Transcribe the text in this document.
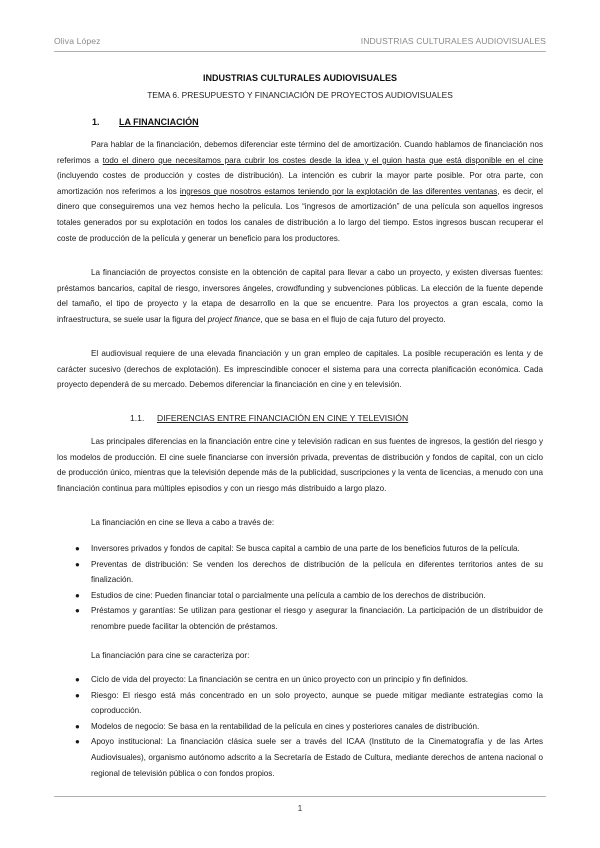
Oliva López	INDUSTRIAS CULTURALES AUDIOVISUALES
INDUSTRIAS CULTURALES AUDIOVISUALES
TEMA 6. PRESUPUESTO Y FINANCIACIÓN DE PROYECTOS AUDIOVISUALES
1. LA FINANCIACIÓN

Para hablar de la financiación, debemos diferenciar este término del de amortización. Cuando hablamos de financiación nos referimos a todo el dinero que necesitamos para cubrir los costes desde la idea y el guion hasta que está disponible en el cine (incluyendo costes de producción y costes de distribución). La intención es cubrir la mayor parte posible. Por otra parte, con amortización nos referimos a los ingresos que nosotros estamos teniendo por la explotación de las diferentes ventanas, es decir, el dinero que conseguiremos una vez hemos hecho la película. Los “ingresos de amortización” de una película son aquellos ingresos totales generados por su explotación en todos los canales de distribución a lo largo del tiempo. Estos ingresos buscan recuperar el coste de producción de la película y generar un beneficio para los productores.

La financiación de proyectos consiste en la obtención de capital para llevar a cabo un proyecto, y existen diversas fuentes: préstamos bancarios, capital de riesgo, inversores ángeles, crowdfunding y subvenciones públicas. La elección de la fuente depende del tamaño, el tipo de proyecto y la etapa de desarrollo en la que se encuentre. Para los proyectos a gran escala, como la infraestructura, se suele usar la figura del project finance, que se basa en el flujo de caja futuro del proyecto.

El audiovisual requiere de una elevada financiación y un gran empleo de capitales. La posible recuperación es lenta y de carácter sucesivo (derechos de explotación). Es imprescindible conocer el sistema para una correcta planificación económica. Cada proyecto dependerá de su mercado. Debemos diferenciar la financiación en cine y en televisión.

1.1. DIFERENCIAS ENTRE FINANCIACIÓN EN CINE Y TELEVISIÓN

Las principales diferencias en la financiación entre cine y televisión radican en sus fuentes de ingresos, la gestión del riesgo y los modelos de producción. El cine suele financiarse con inversión privada, preventas de distribución y fondos de capital, con un ciclo de producción único, mientras que la televisión depende más de la publicidad, suscripciones y la venta de licencias, a menudo con una financiación continua para múltiples episodios y con un riesgo más distribuido a largo plazo.

La financiación en cine se lleva a cabo a través de:
● Inversores privados y fondos de capital: Se busca capital a cambio de una parte de los beneficios futuros de la película.
● Preventas de distribución: Se venden los derechos de distribución de la película en diferentes territorios antes de su finalización.
● Estudios de cine: Pueden financiar total o parcialmente una película a cambio de los derechos de distribución.
● Préstamos y garantías: Se utilizan para gestionar el riesgo y asegurar la financiación. La participación de un distribuidor de renombre puede facilitar la obtención de préstamos.
La financiación para cine se caracteriza por:
● Ciclo de vida del proyecto: La financiación se centra en un único proyecto con un principio y fin definidos.
● Riesgo: El riesgo está más concentrado en un solo proyecto, aunque se puede mitigar mediante estrategias como la coproducción.
● Modelos de negocio: Se basa en la rentabilidad de la película en cines y posteriores canales de distribución.
● Apoyo institucional: La financiación clásica suele ser a través del ICAA (Instituto de la Cinematografía y de las Artes Audiovisuales), organismo autónomo adscrito a la Secretaría de Estado de Cultura, mediante derechos de antena nacional o regional de televisión pública o con fondos propios.
1
